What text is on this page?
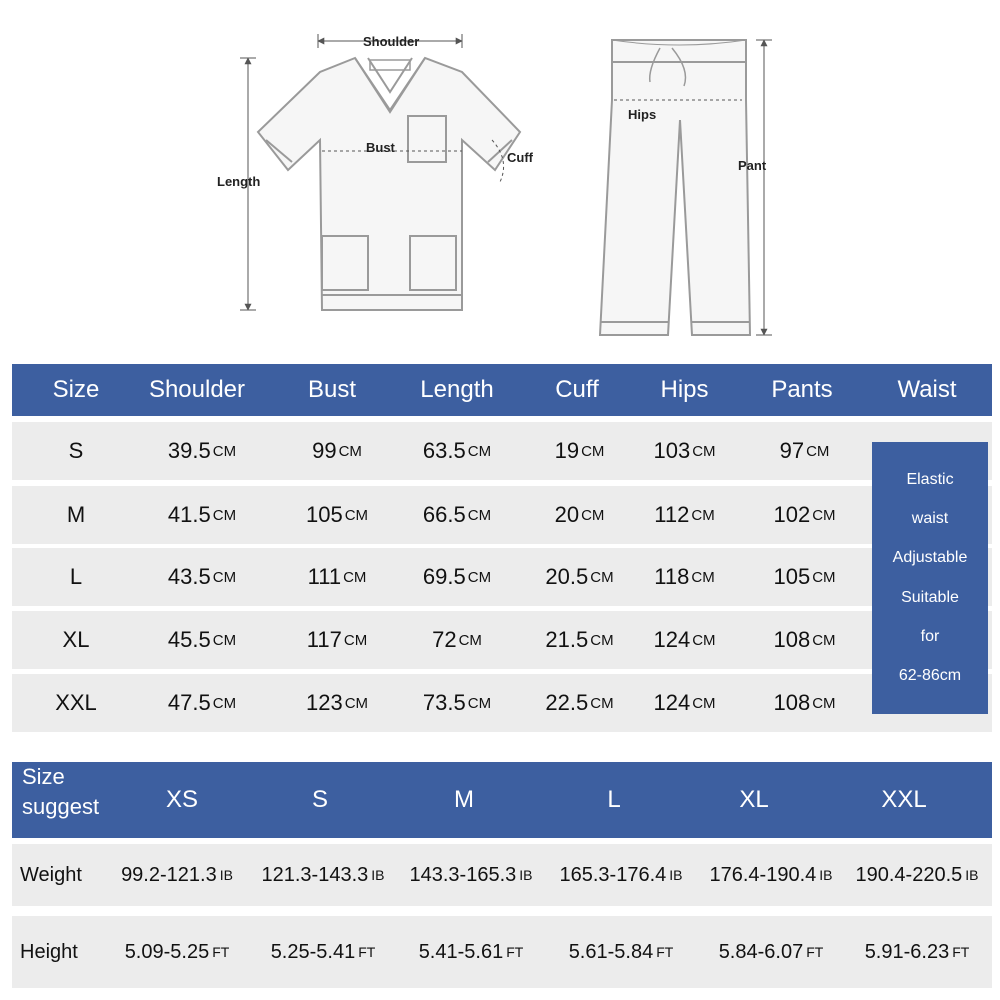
Shoulder
Bust
Cuff
Length
Hips
Pant
Size	Shoulder	Bust	Length	Cuff	Hips	Pants	Waist
S	39.5 CM	99 CM	63.5 CM	19 CM 103 CM	97 CM
M	41.5 CM	105 CM 66.5 CM	20 CM 112 CM	102 CM
L	43.5 CM	111 CM	69.5 CM 20.5 CM 118 CM	105 CM
XL	45.5 CM	117 CM	72 CM	21.5 CM 124 CM	108 CM
XXL	47.5 CM	123 CM 73.5 CM 22.5 CM 124 CM	108 CM
Elastic
waist
Adjustable
Suitable
for
62-86cm
Size
suggest	XS	S	M	L	XL	XXL
Weight	99.2-121.3 IB 121.3-143.3 IB 143.3-165.3 IB 165.3-176.4 IB 176.4-190.4 IB 190.4-220.5 IB
Height	5.09-5.25 FT 5.25-5.41 FT 5.41-5.61 FT 5.61-5.84 FT 5.84-6.07 FT 5.91-6.23 FT
